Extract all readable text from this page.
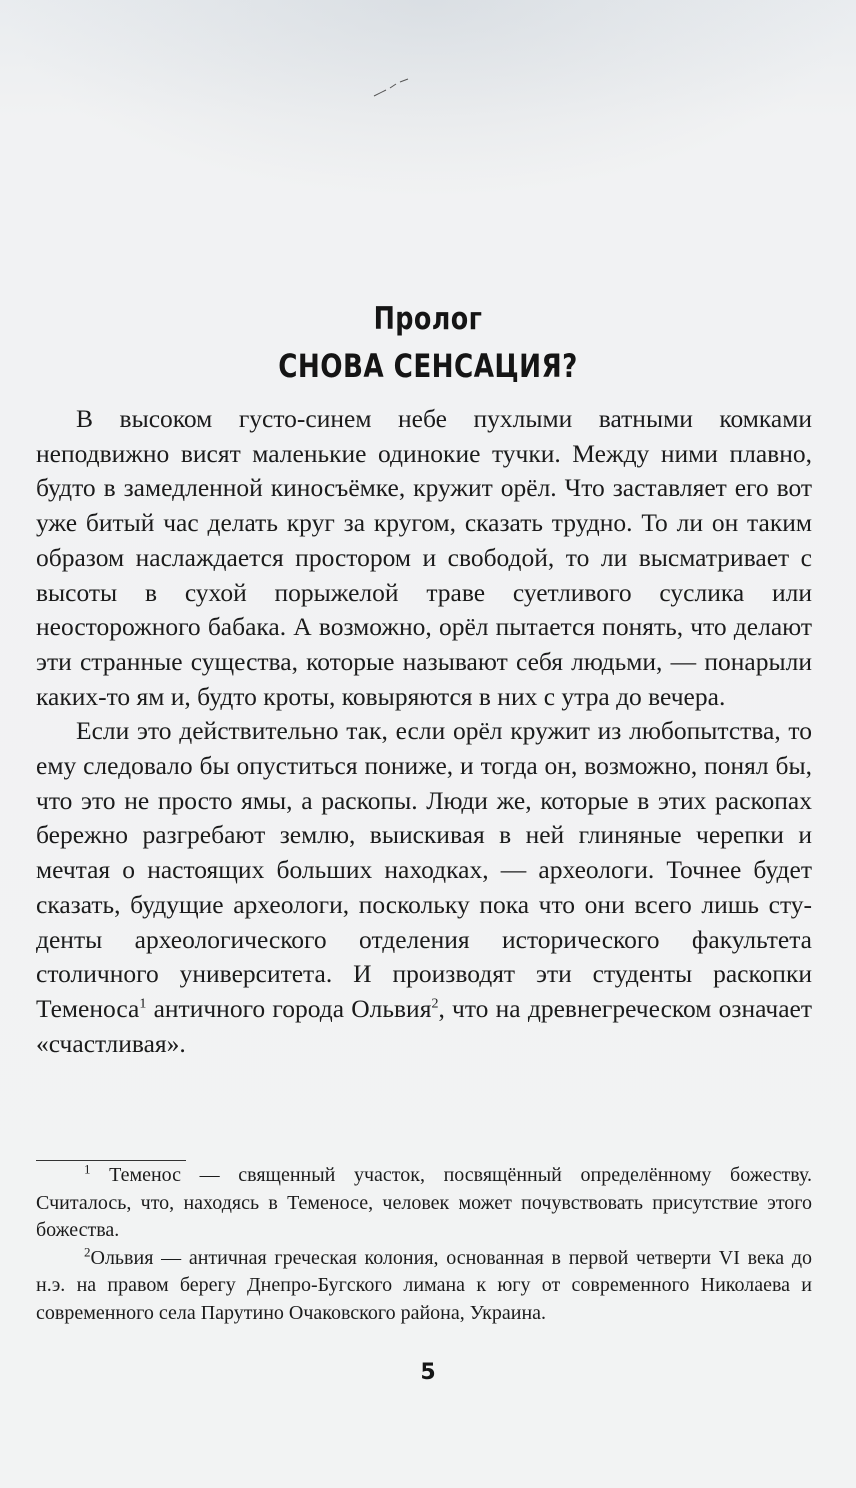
Пролог
СНОВА СЕНСАЦИЯ?

В высоком густо-синем небе пухлыми ватными комками неподвижно висят маленькие одинокие тучки. Между ними плавно, будто в замедленной киносъёмке, кружит орёл. Что заставляет его вот уже битый час делать круг за кругом, сказать трудно. То ли он таким образом наслаждается простором и свободой, то ли высматривает с высоты в сухой порыжелой траве суетливого суслика или неосторожного бабака. А возможно, орёл пытается понять, что делают эти странные существа, которые называют себя людьми, — понарыли каких-то ям и, будто кроты, ковыряются в них с утра до вечера.

Если это действительно так, если орёл кружит из любопытства, то ему следовало бы опуститься пониже, и тогда он, возможно, понял бы, что это не просто ямы, а раскопы. Люди же, которые в этих раскопах бережно разгребают землю, выискивая в ней глиняные черепки и мечтая о настоящих больших находках, — археологи. Точнее будет сказать, будущие археологи, поскольку пока что они всего лишь студенты археологического отделения исторического факультета столичного университета. И производят эти студенты раскопки Теменоса$^1$ античного города Ольвия$^2$, что на древнегреческом означает «счастливая».

$^1$ Теменос — священный участок, посвящённый определённому божеству. Считалось, что, находясь в Теменосе, человек может почувствовать присутствие этого божества.

$^2$Ольвия — античная греческая колония, основанная в первой четверти VI века до н.э. на правом берегу Днепро-Бугского лимана к югу от современного Николаева и современного села Парутино Очаковского района, Украина.

5
